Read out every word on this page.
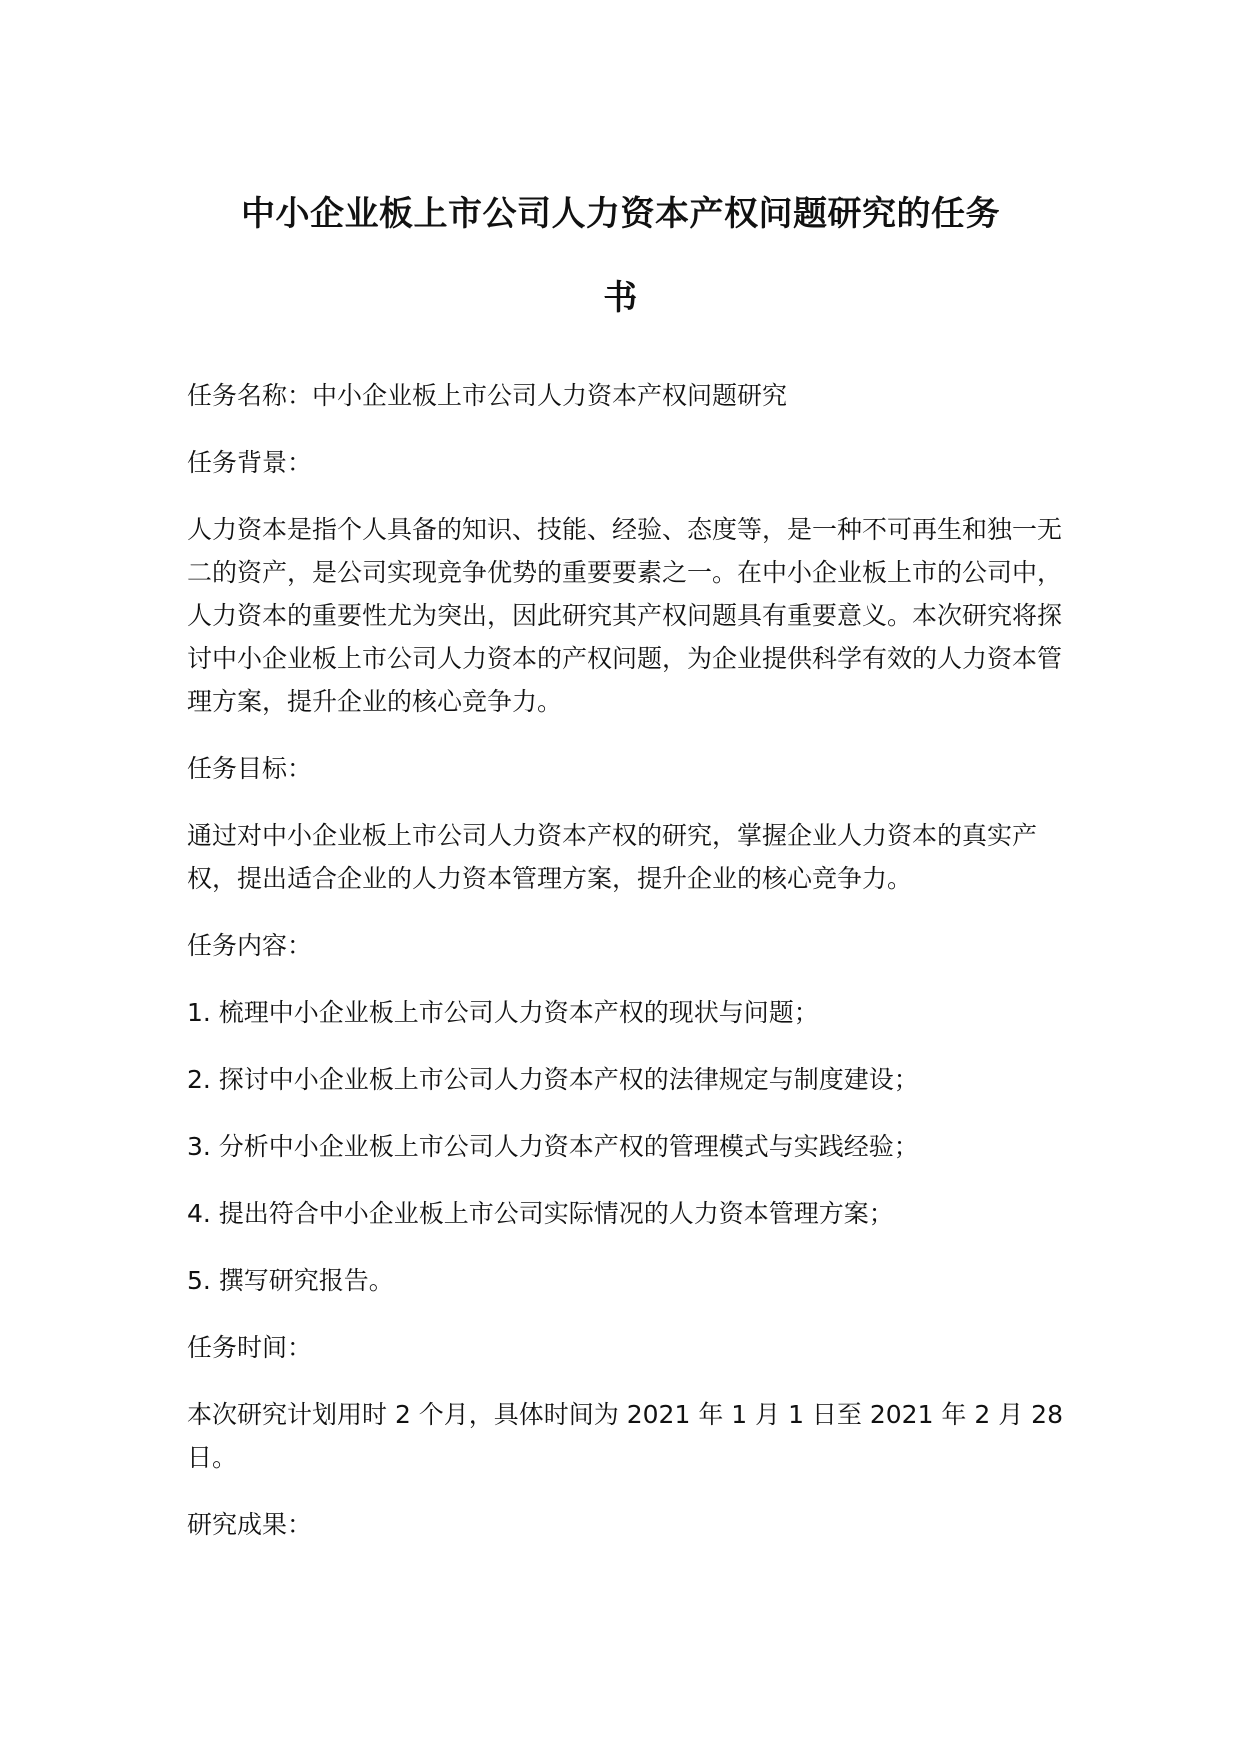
中小企业板上市公司人力资本产权问题研究的任务
书

任务名称：中小企业板上市公司人力资本产权问题研究

任务背景：

人力资本是指个人具备的知识、技能、经验、态度等，是一种不可再生和独一无二的资产，是公司实现竞争优势的重要要素之一。在中小企业板上市的公司中，人力资本的重要性尤为突出，因此研究其产权问题具有重要意义。本次研究将探讨中小企业板上市公司人力资本的产权问题，为企业提供科学有效的人力资本管理方案，提升企业的核心竞争力。

任务目标：

通过对中小企业板上市公司人力资本产权的研究，掌握企业人力资本的真实产权，提出适合企业的人力资本管理方案，提升企业的核心竞争力。

任务内容：

1. 梳理中小企业板上市公司人力资本产权的现状与问题；

2. 探讨中小企业板上市公司人力资本产权的法律规定与制度建设；

3. 分析中小企业板上市公司人力资本产权的管理模式与实践经验；

4. 提出符合中小企业板上市公司实际情况的人力资本管理方案；

5. 撰写研究报告。

任务时间：

本次研究计划用时 2 个月，具体时间为 2021 年 1 月 1 日至 2021 年 2 月 28 日。

研究成果：
